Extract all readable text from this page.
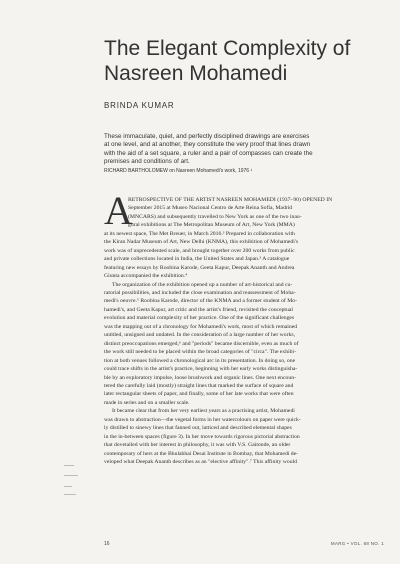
The Elegant Complexity of
Nasreen Mohamedi
BRINDA KUMAR
These immaculate, quiet, and perfectly disciplined drawings are exercises
at one level, and at another, they constitute the very proof that lines drawn
with the aid of a set square, a ruler and a pair of compasses can create the
premises and conditions of art.
RICHARD BARTHOLOMEW on Nasreen Mohamedi's work, 1976 ¹
A
RETROSPECTIVE OF THE ARTIST NASREEN MOHAMEDI (1937–90) OPENED IN
September 2015 at Museo Nacional Centro de Arte Reina Sofía, Madrid
(MNCARS) and subsequently travelled to New York as one of the two inau-
gural exhibitions at The Metropolitan Museum of Art, New York (MMA)
at its newest space, The Met Breuer, in March 2016.² Prepared in collaboration with
the Kiran Nadar Museum of Art, New Delhi (KNMA), this exhibition of Mohamedi's
work was of unprecedented scale, and brought together over 200 works from public
and private collections located in India, the United States and Japan.³ A catalogue
featuring new essays by Roobina Karode, Geeta Kapur, Deepak Ananth and Andrea
Giunta accompanied the exhibition.⁴
The organization of the exhibition opened up a number of art-historical and cu-
ratorial possibilities, and included the close examination and reassessment of Moha-
medi's oeuvre.⁵ Roobina Karode, director of the KNMA and a former student of Mo-
hamedi's, and Geeta Kapur, art critic and the artist's friend, revisited the conceptual
evolution and material complexity of her practice. One of the significant challenges
was the mapping out of a chronology for Mohamedi's work, most of which remained
untitled, unsigned and undated. In the consideration of a large number of her works,
distinct preoccupations emerged,⁶ and "periods" became discernible, even as much of
the work still needed to be placed within the broad categories of "circa". The exhibi-
tion at both venues followed a chronological arc in its presentation. In doing so, one
could trace shifts in the artist's practice, beginning with her early works distinguisha-
ble by an exploratory impulse, loose brushwork and organic lines. One next encoun-
tered the carefully laid (mostly) straight lines that marked the surface of square and
later rectangular sheets of paper, and finally, some of her late works that were often
made in series and on a smaller scale.
It became clear that from her very earliest years as a practising artist, Mohamedi
was drawn to abstraction—the vegetal forms in her watercolours on paper were quick-
ly distilled to sinewy lines that fanned out, latticed and described elemental shapes
in the in-between spaces (figure 3). In her move towards rigorous pictorial abstraction
that dovetailed with her interest in philosophy, it was with V.S. Gaitonde, an older
contemporary of hers at the Bhulabhai Desai Institute in Bombay, that Mohamedi de-
veloped what Deepak Ananth describes as an "elective affinity".⁷ This affinity would
16	MARG • VOL. 68 NO. 1
